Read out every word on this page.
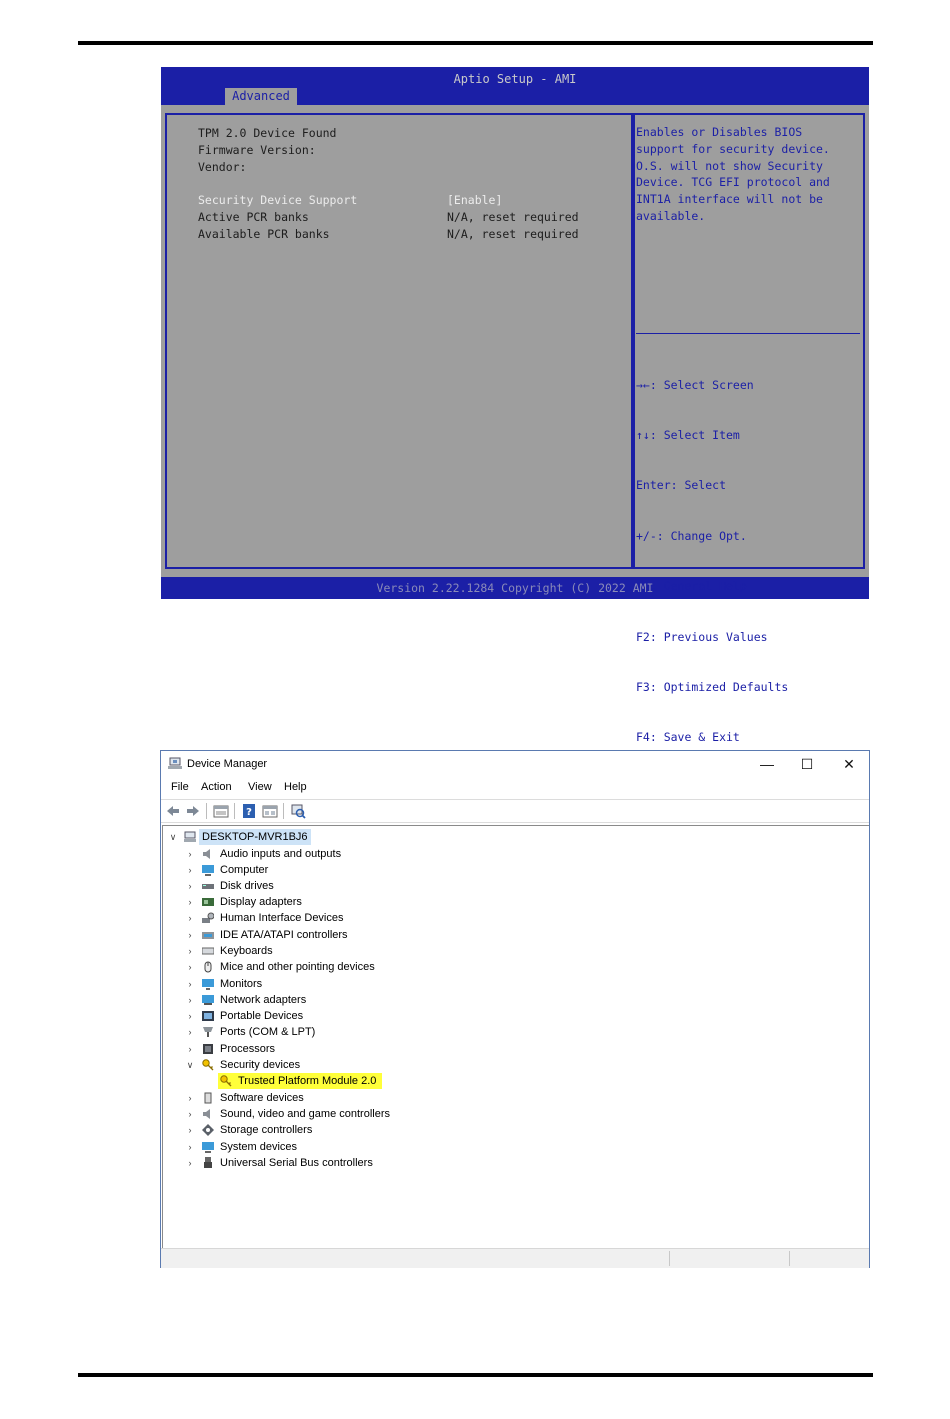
Aptio Setup - AMI
Advanced
TPM 2.0 Device Found
Firmware Version:
Vendor:
Security Device Support	[Enable]
Active PCR banks	N/A, reset required
Available PCR banks	N/A, reset required
Enables or Disables BIOS
support for security device.
O.S. will not show Security
Device. TCG EFI protocol and
INT1A interface will not be
available.

→←: Select Screen

↑↓: Select Item

Enter: Select

+/-: Change Opt.

F1: General Help

F2: Previous Values

F3: Optimized Defaults

F4: Save & Exit

Version 2.22.1284 Copyright (C) 2022 AMI
Device Manager	—	☐	✕
File Action View Help
?
∨ DESKTOP-MVR1BJ6
›	Audio inputs and outputs
›	Computer
›	Disk drives
›	Display adapters
›	Human Interface Devices
›	IDE ATA/ATAPI controllers
›	Keyboards
›	Mice and other pointing devices
›	Monitors
›	Network adapters
›	Portable Devices
›	Ports (COM & LPT)
›	Processors
∨ Security devices
Trusted Platform Module 2.0
›	Software devices
›	Sound, video and game controllers
›	Storage controllers
›	System devices
›	Universal Serial Bus controllers
